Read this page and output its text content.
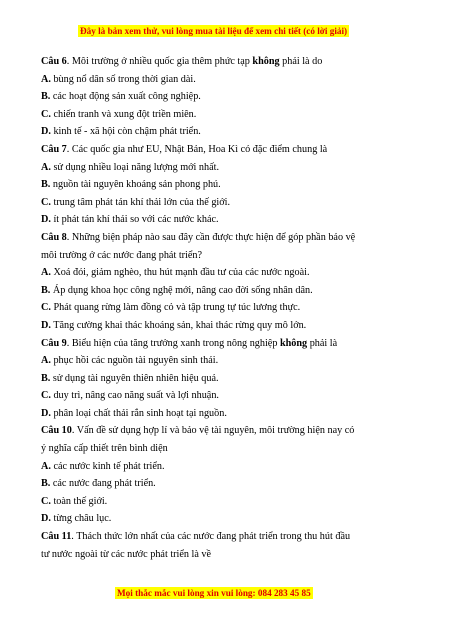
Đây là bản xem thử, vui lòng mua tài liệu để xem chi tiết (có lời giải)
Câu 6. Môi trường ở nhiều quốc gia thêm phức tạp không phải là do
A. bùng nổ dân số trong thời gian dài.
B. các hoạt động sản xuất công nghiệp.
C. chiến tranh và xung đột triền miên.
D. kinh tế - xã hội còn chậm phát triển.
Câu 7. Các quốc gia như EU, Nhật Bản, Hoa Kì có đặc điểm chung là
A. sử dụng nhiều loại năng lượng mới nhất.
B. nguồn tài nguyên khoáng sản phong phú.
C. trung tâm phát tán khí thải lớn của thế giới.
D. ít phát tán khí thải so với các nước khác.
Câu 8. Những biện pháp nào sau đây cần được thực hiện để góp phần bảo vệ
môi trường ở các nước đang phát triển?
A. Xoá đói, giảm nghèo, thu hút mạnh đầu tư của các nước ngoài.
B. Áp dụng khoa học công nghệ mới, nâng cao đời sống nhân dân.
C. Phát quang rừng làm đồng cỏ và tập trung tự túc lương thực.
D. Tăng cường khai thác khoáng sản, khai thác rừng quy mô lớn.
Câu 9. Biểu hiện của tăng trưởng xanh trong nông nghiệp không phải là
A. phục hồi các nguồn tài nguyên sinh thái.
B. sử dụng tài nguyên thiên nhiên hiệu quả.
C. duy trì, nâng cao năng suất và lợi nhuận.
D. phân loại chất thải rắn sinh hoạt tại nguồn.
Câu 10. Vấn đề sử dụng hợp lí và bảo vệ tài nguyên, môi trường hiện nay có
ý nghĩa cấp thiết trên bình diện
A. các nước kinh tế phát triển.
B. các nước đang phát triển.
C. toàn thế giới.
D. từng châu lục.
Câu 11. Thách thức lớn nhất của các nước đang phát triển trong thu hút đầu
tư nước ngoài từ các nước phát triển là về
Mọi thắc mắc vui lòng xin vui lòng: 084 283 45 85
